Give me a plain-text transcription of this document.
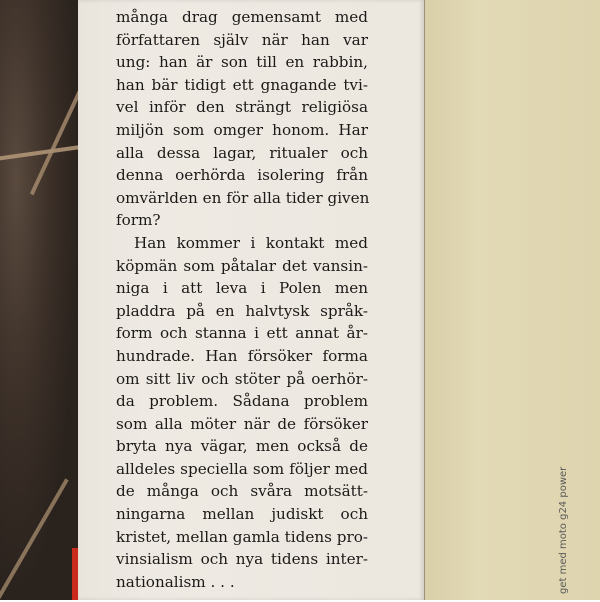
många drag gemensamt med
författaren själv när han var
ung: han är son till en rabbin,
han bär tidigt ett gnagande tvi-
vel inför den strängt religiösa
miljön som omger honom. Har
alla dessa lagar, ritualer och
denna oerhörda isolering från
omvärlden en för alla tider given
form?
Han kommer i kontakt med
köpmän som påtalar det vansin-
niga i att leva i Polen men
pladdra på en halvtysk språk-
form och stanna i ett annat år-
hundrade. Han försöker forma
om sitt liv och stöter på oerhör-
da problem. Sådana problem
som alla möter när de försöker
bryta nya vägar, men också de
alldeles speciella som följer med
de många och svåra motsätt-
ningarna mellan judiskt och
kristet, mellan gamla tidens pro-
vinsialism och nya tidens inter-
nationalism . . .	get med moto g24 power
